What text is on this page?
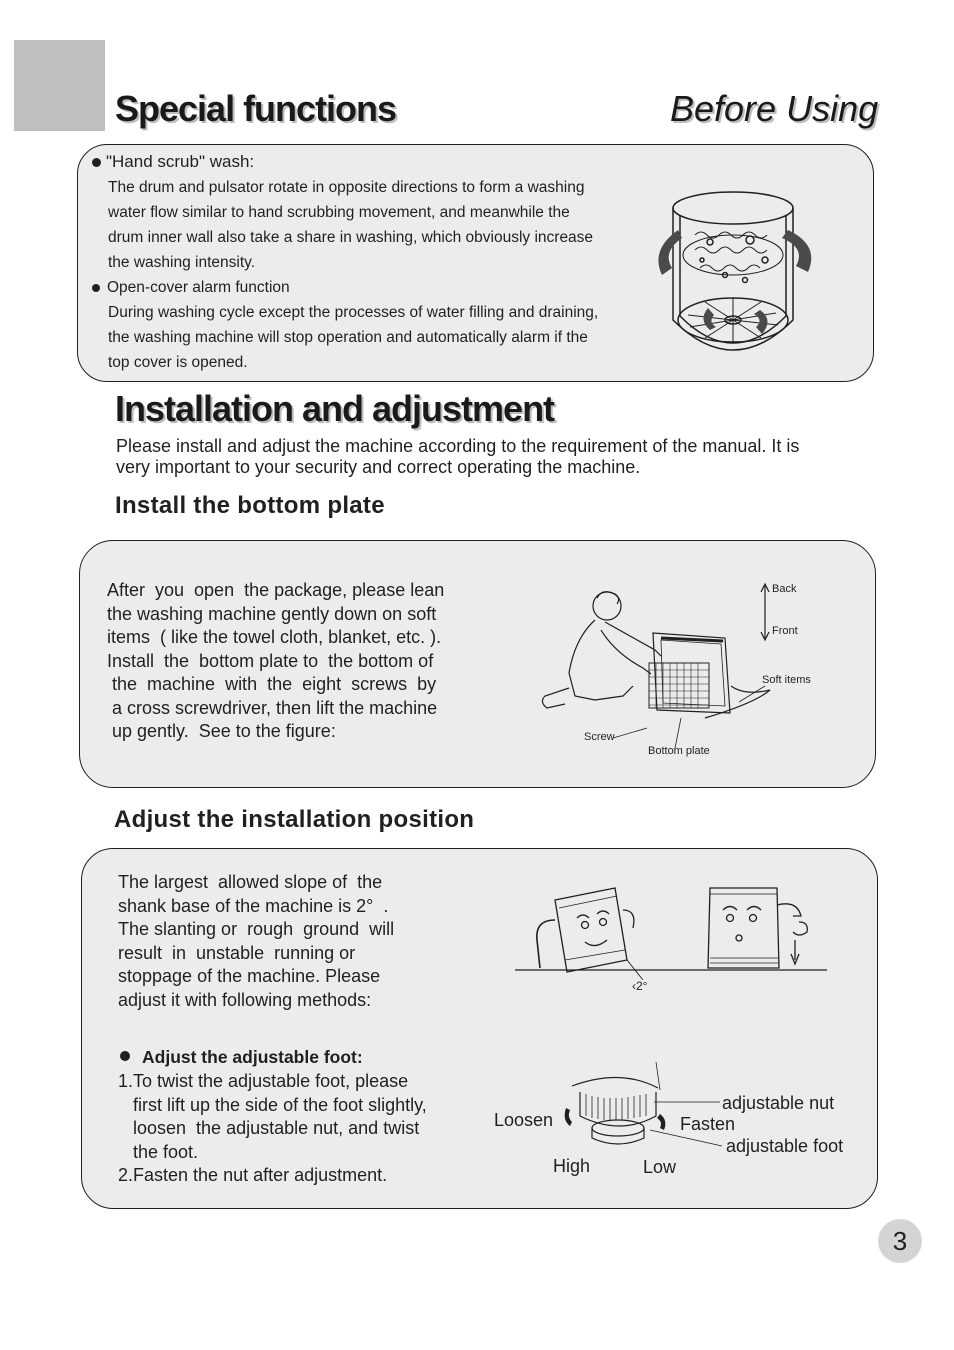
Special functions	Before Using
"Hand scrub" wash:
The drum and pulsator rotate in opposite directions to form a washing
water flow similar to hand scrubbing movement, and meanwhile the
drum inner wall also take a share in washing, which obviously increase
the washing intensity.
Open-cover alarm function
During washing cycle except the processes of water filling and draining,
the washing machine will stop operation and automatically alarm if the
top cover is opened.
Installation and adjustment
Please install and adjust the machine according to the requirement of the manual. It is
very important to your security and correct operating the machine.
Install the bottom plate
After  you  open  the package, please lean
the washing machine gently down on soft
items  ( like the towel cloth, blanket, etc. ).
Install  the  bottom plate to  the bottom of
the  machine  with  the  eight  screws  by
a cross screwdriver, then lift the machine
up gently.  See to the figure:
Back
Front
Soft items
Screw
Bottom plate
Adjust the installation position
The largest  allowed slope of  the
shank base of the machine is 2°  .
The slanting or  rough  ground  will
result  in  unstable  running or
stoppage of the machine. Please
adjust it with following methods:
‹2°
Adjust the adjustable foot:
1.To twist the adjustable foot, please
first lift up the side of the foot slightly,
loosen  the adjustable nut, and twist
the foot.
2.Fasten the nut after adjustment.
adjustable nut
Loosen	Fasten
adjustable foot
High	Low
3
